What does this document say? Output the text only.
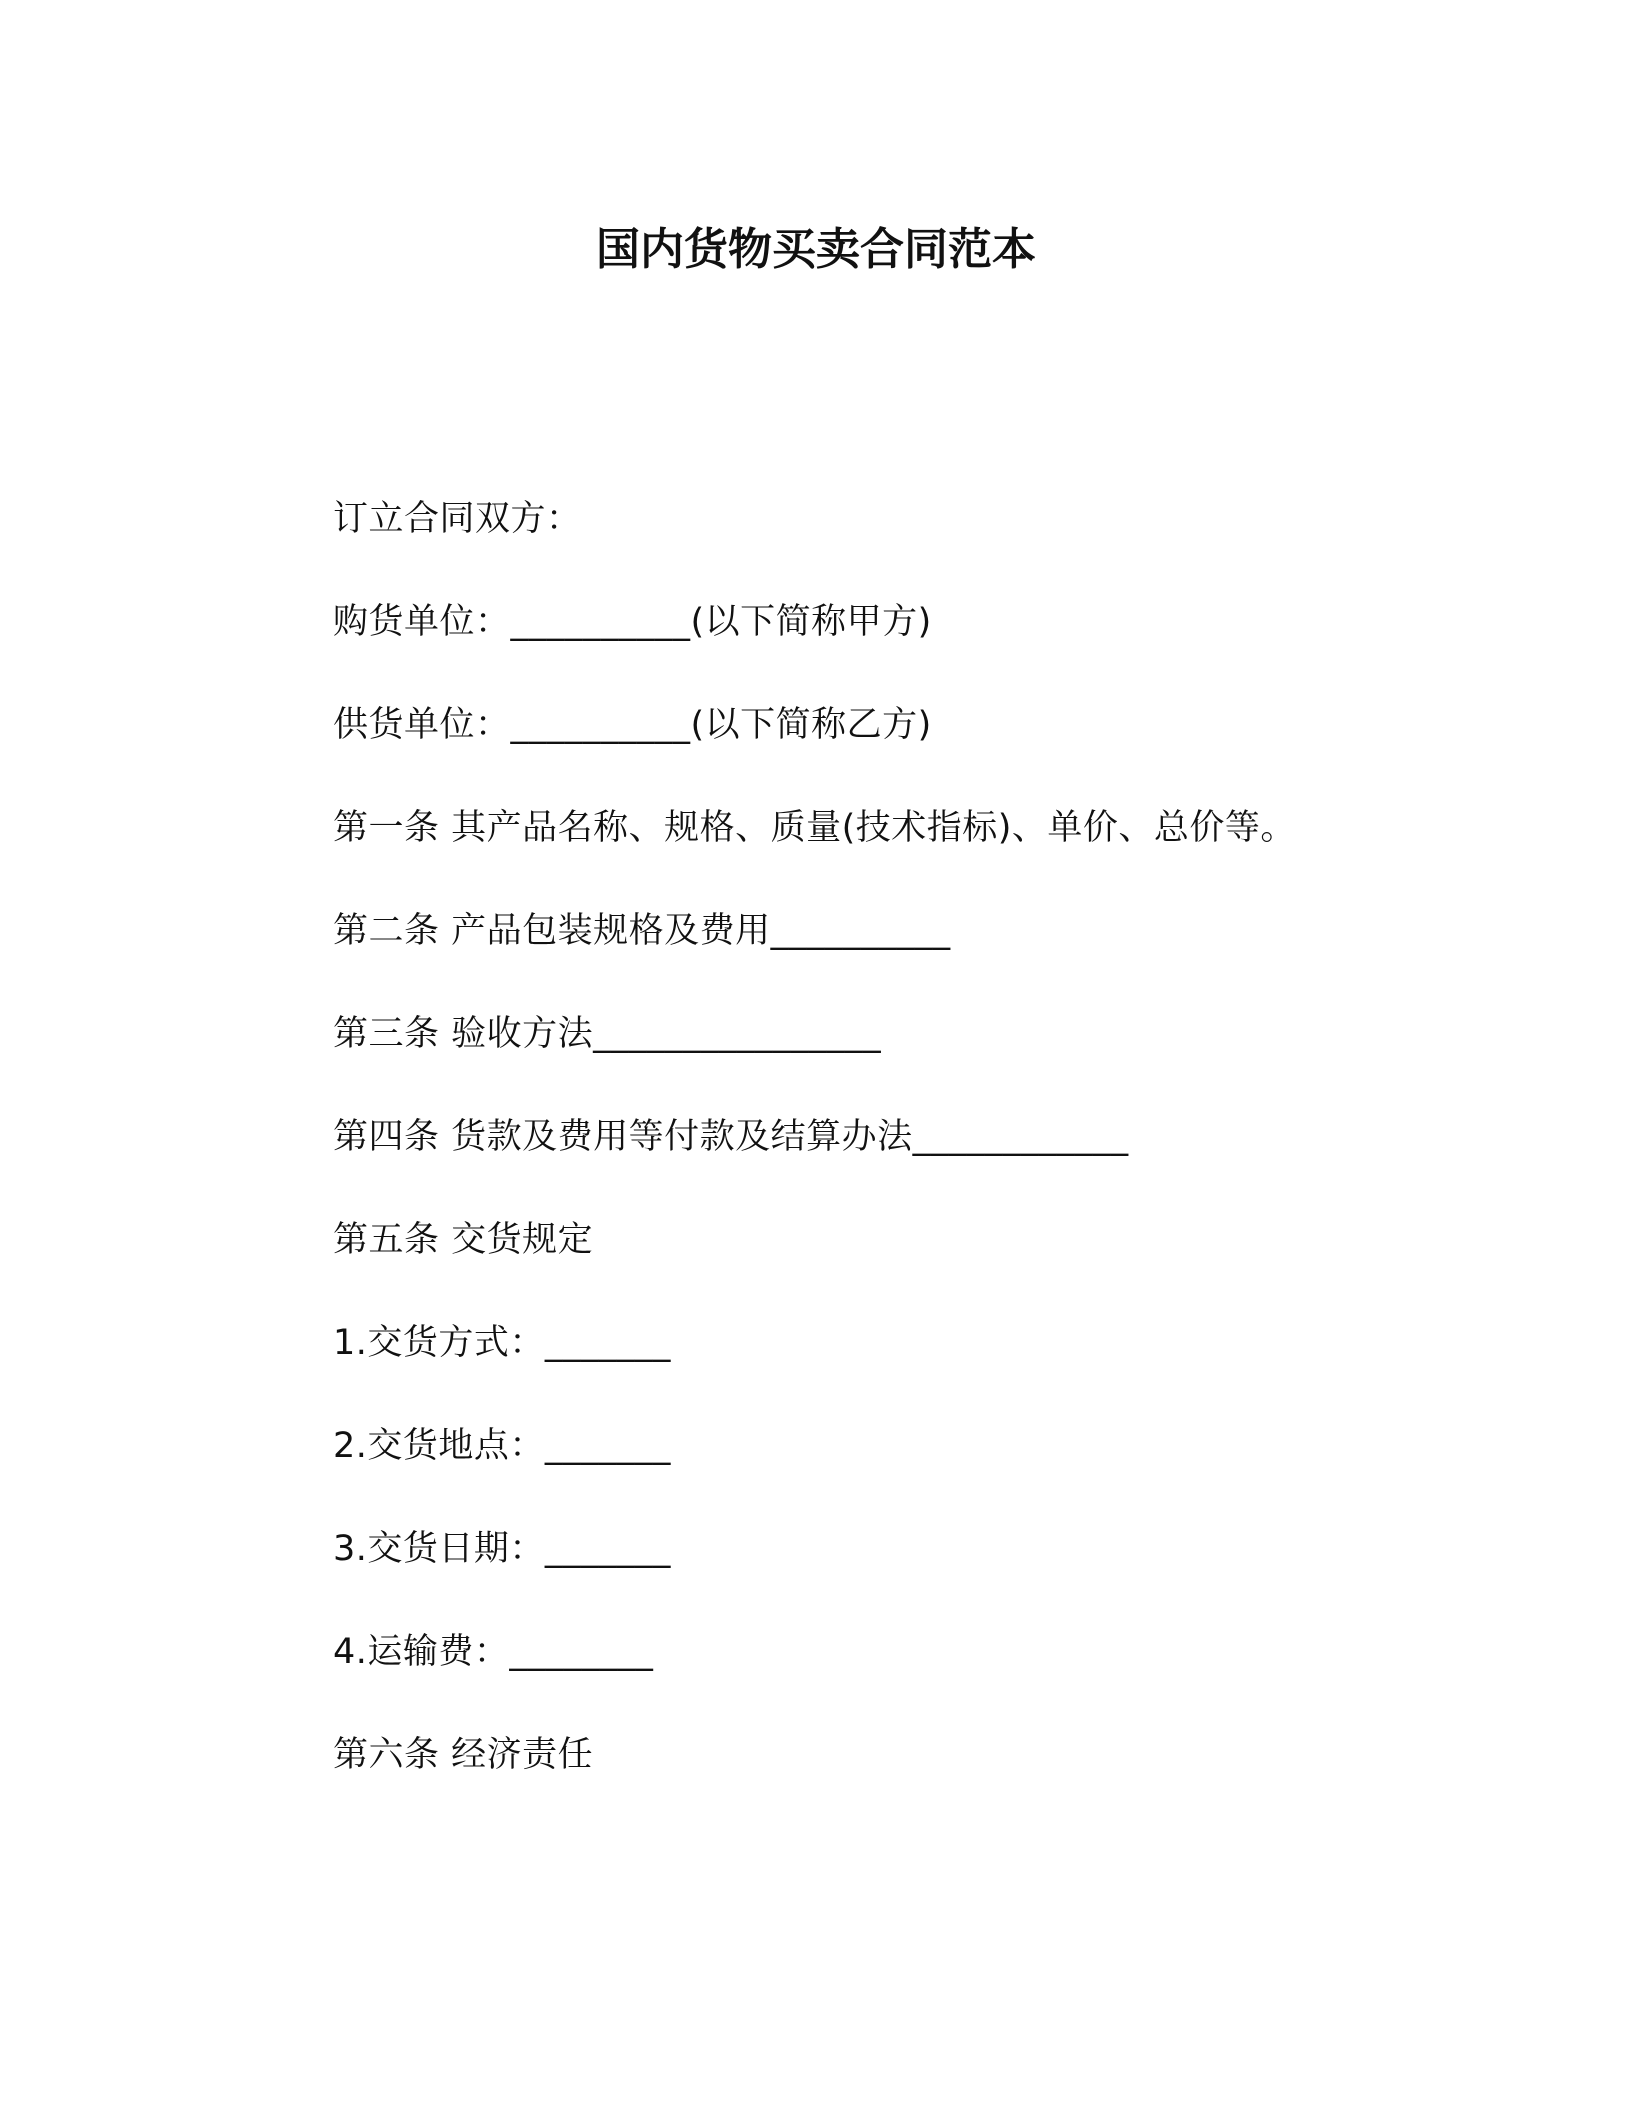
国内货物买卖合同范本
订立合同双方：
购货单位：__________(以下简称甲方)
供货单位：__________(以下简称乙方)
第一条 其产品名称、规格、质量(技术指标)、单价、总价等。
第二条 产品包装规格及费用__________
第三条 验收方法________________
第四条 货款及费用等付款及结算办法____________
第五条 交货规定
1.交货方式：_______
2.交货地点：_______
3.交货日期：_______
4.运输费：________
第六条 经济责任
